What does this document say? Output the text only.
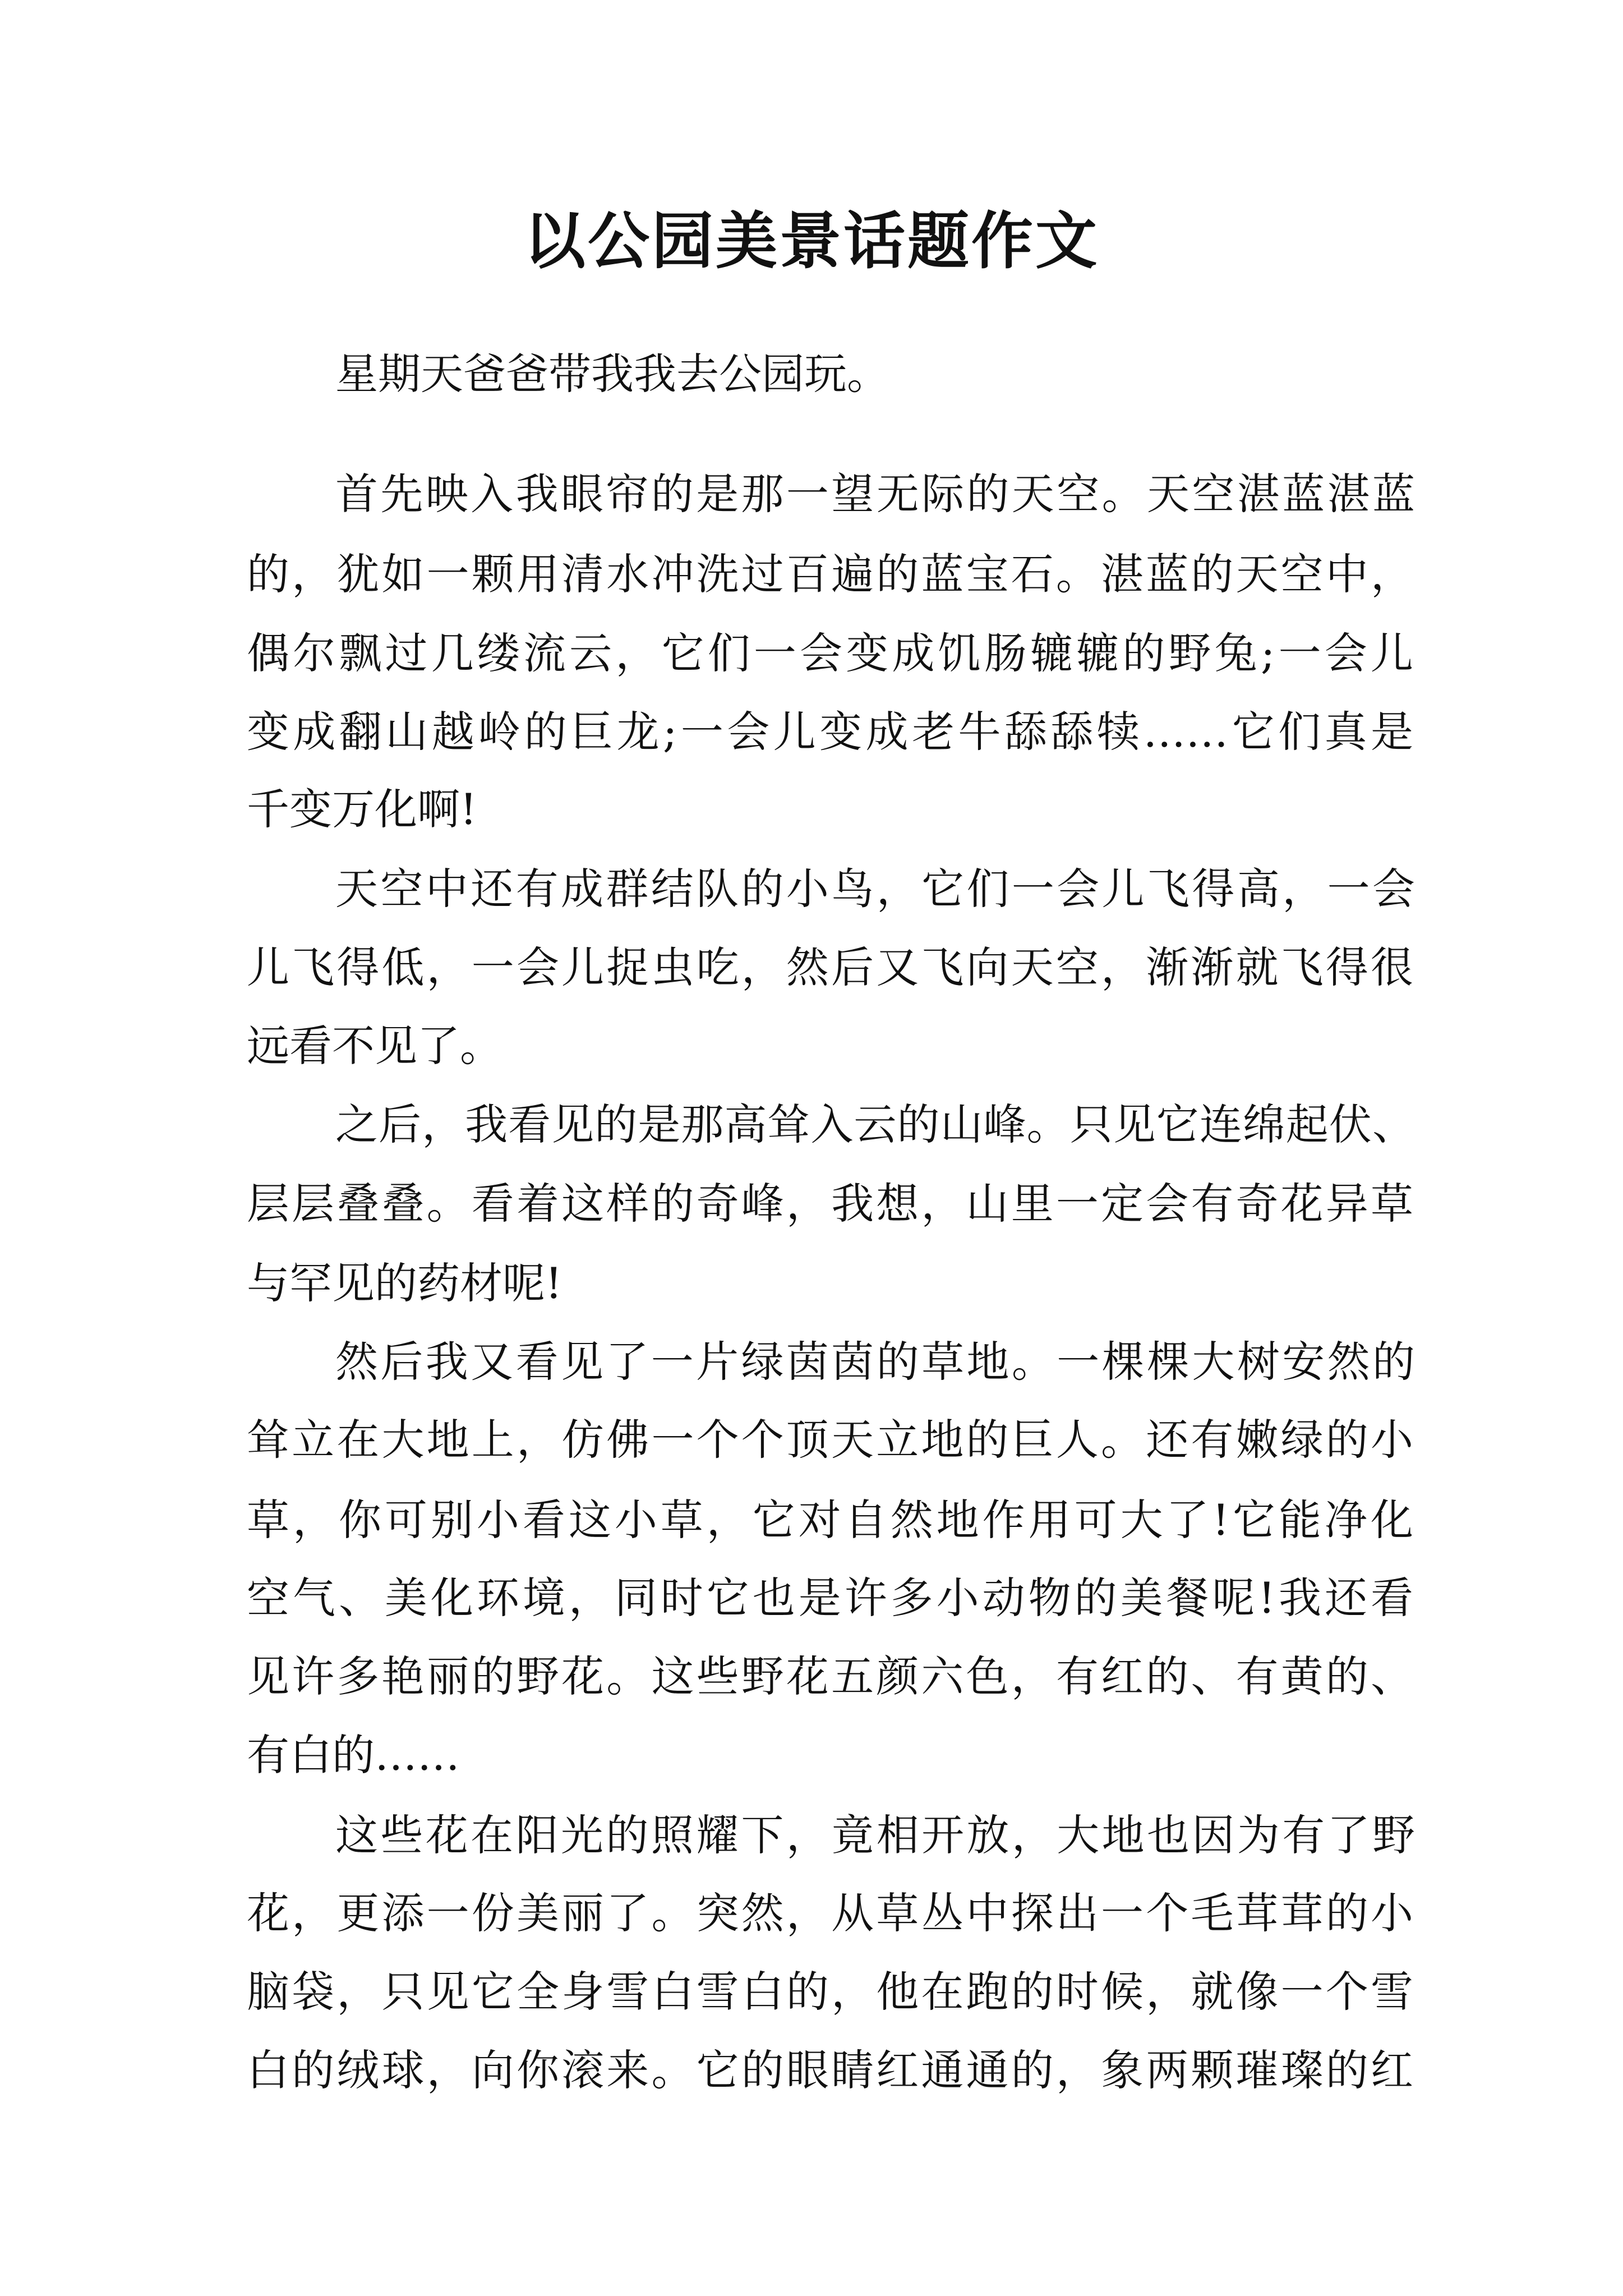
以公园美景话题作文

星期天爸爸带我我去公园玩。

首先映入我眼帘的是那一望无际的天空。天空湛蓝湛蓝

的，犹如一颗用清水冲洗过百遍的蓝宝石。湛蓝的天空中，

偶尔飘过几缕流云，它们一会变成饥肠辘辘的野兔;一会儿

变成翻山越岭的巨龙;一会儿变成老牛舔舔犊……它们真是

千变万化啊!

天空中还有成群结队的小鸟，它们一会儿飞得高，一会

儿飞得低，一会儿捉虫吃，然后又飞向天空，渐渐就飞得很

远看不见了。

之后，我看见的是那高耸入云的山峰。只见它连绵起伏、

层层叠叠。看着这样的奇峰，我想，山里一定会有奇花异草

与罕见的药材呢!

然后我又看见了一片绿茵茵的草地。一棵棵大树安然的

耸立在大地上，仿佛一个个顶天立地的巨人。还有嫩绿的小

草，你可别小看这小草，它对自然地作用可大了!它能净化

空气、美化环境，同时它也是许多小动物的美餐呢!我还看

见许多艳丽的野花。这些野花五颜六色，有红的、有黄的、

有白的……

这些花在阳光的照耀下，竟相开放，大地也因为有了野

花，更添一份美丽了。突然，从草丛中探出一个毛茸茸的小

脑袋，只见它全身雪白雪白的，他在跑的时候，就像一个雪

白的绒球，向你滚来。它的眼睛红通通的，象两颗璀璨的红
